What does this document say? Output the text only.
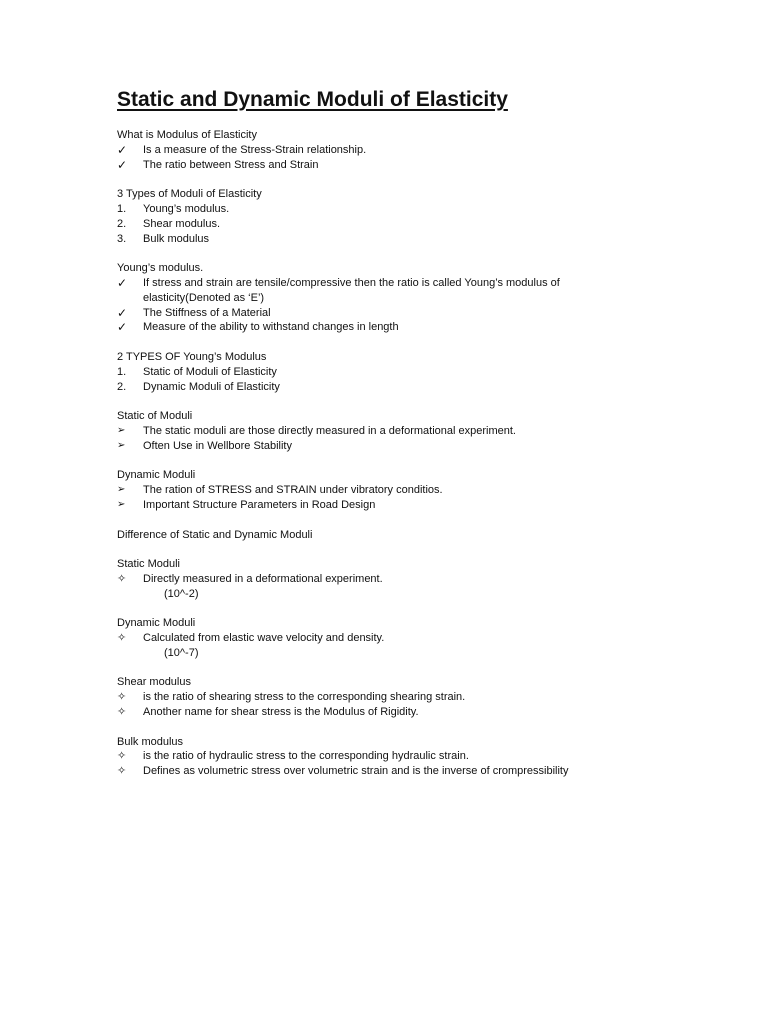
Static and Dynamic Moduli of Elasticity

What is Modulus of Elasticity

✓	Is a measure of the Stress-Strain relationship.
✓	The ratio between Stress and Strain

3 Types of Moduli of Elasticity

1.	Young’s modulus.
2.	Shear modulus.
3.	Bulk modulus

Young’s modulus.

✓	If stress and strain are tensile/compressive then the ratio is called Young’s modulus of elasticity(Denoted as ‘E’)
✓	The Stiffness of a Material
✓	Measure of the ability to withstand changes in length

2 TYPES OF Young’s Modulus

1.	Static of Moduli of Elasticity
2.	Dynamic Moduli of Elasticity

Static of Moduli

➢	The static moduli are those directly measured in a deformational experiment.
➢	Often Use in Wellbore Stability

Dynamic Moduli

➢	The ration of STRESS and STRAIN under vibratory conditios.
➢	Important Structure Parameters in Road Design

Difference of Static and Dynamic Moduli

Static Moduli

✧	Directly measured in a deformational experiment.

(10^-2)

Dynamic Moduli

✧	Calculated from elastic wave velocity and density.

(10^-7)

Shear modulus

✧	is the ratio of shearing stress to the corresponding shearing strain.
✧	Another name for shear stress is the Modulus of Rigidity.

Bulk modulus

✧	is the ratio of hydraulic stress to the corresponding hydraulic strain.
✧	Defines as volumetric stress over volumetric strain and is the inverse of crompressibility
